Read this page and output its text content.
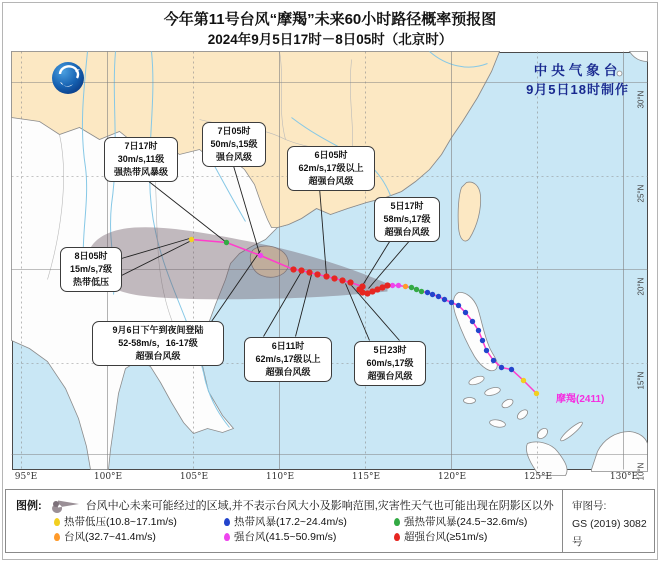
今年第11号台风“摩羯”未来60小时路径概率预报图
2024年9月5日17时－8日05时（北京时）
30°N
25°N
20°N
15°N
10°N
中央气象台
9月5日18时制作
7日17时
30m/s,11级
强热带风暴级
7日05时
50m/s,15级
强台风级	6日05时
62m/s,17级以上
超强台风级
5日17时
58m/s,17级
超强台风级
8日05时
15m/s,7级
热带低压
9月6日下午到夜间登陆
52-58m/s，16-17级
超强台风级
6日11时
62m/s,17级以上
超强台风级
5日23时
60m/s,17级
超强台风级
摩羯(2411)
95°E	100°E	105°E	110°E	115°E	120°E	125°E	130°E
图例:	台风中心未来可能经过的区域,并不表示台风大小及影响范围,灾害性天气也可能出现在阴影区以外
热带低压(10.8~17.1m/s)	热带风暴(17.2~24.4m/s)	强热带风暴(24.5~32.6m/s)
台风(32.7~41.4m/s)	强台风(41.5~50.9m/s)	超强台风(≥51m/s)
审图号:
GS (2019) 3082号
